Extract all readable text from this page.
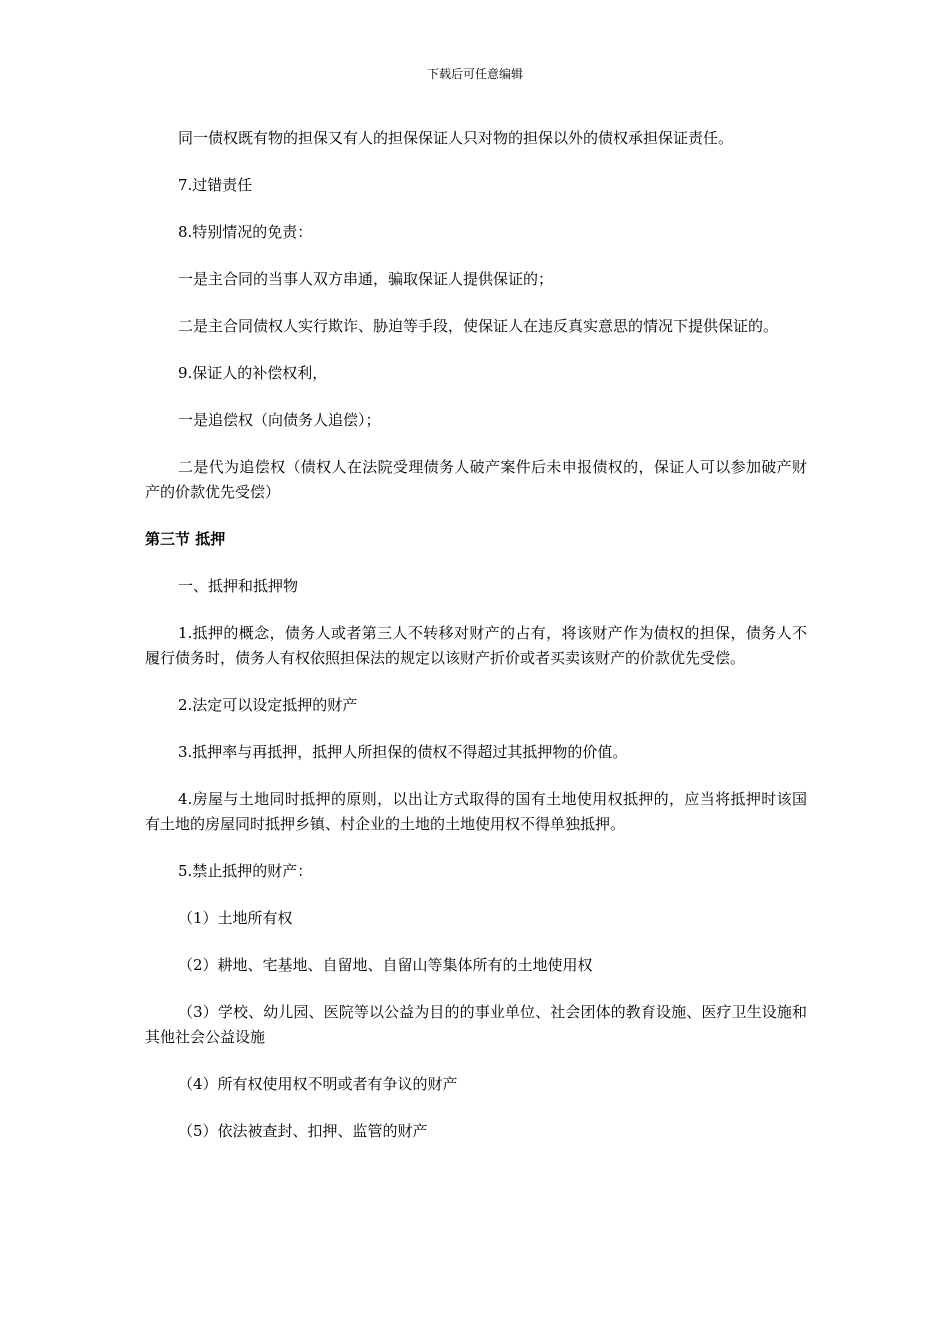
下载后可任意编辑

同一债权既有物的担保又有人的担保保证人只对物的担保以外的债权承担保证责任。

7.过错责任

8.特别情况的免责：

一是主合同的当事人双方串通，骗取保证人提供保证的；

二是主合同债权人实行欺诈、胁迫等手段，使保证人在违反真实意思的情况下提供保证的。

9.保证人的补偿权利，

一是追偿权（向债务人追偿）；

二是代为追偿权（债权人在法院受理债务人破产案件后未申报债权的，保证人可以参加破产财产的价款优先受偿）

第三节 抵押

一、抵押和抵押物

1.抵押的概念，债务人或者第三人不转移对财产的占有，将该财产作为债权的担保，债务人不履行债务时，债务人有权依照担保法的规定以该财产折价或者买卖该财产的价款优先受偿。

2.法定可以设定抵押的财产

3.抵押率与再抵押，抵押人所担保的债权不得超过其抵押物的价值。

4.房屋与土地同时抵押的原则，以出让方式取得的国有土地使用权抵押的，应当将抵押时该国有土地的房屋同时抵押乡镇、村企业的土地的土地使用权不得单独抵押。

5.禁止抵押的财产：

（1）土地所有权

（2）耕地、宅基地、自留地、自留山等集体所有的土地使用权

（3）学校、幼儿园、医院等以公益为目的的事业单位、社会团体的教育设施、医疗卫生设施和其他社会公益设施

（4）所有权使用权不明或者有争议的财产

（5）依法被查封、扣押、监管的财产
